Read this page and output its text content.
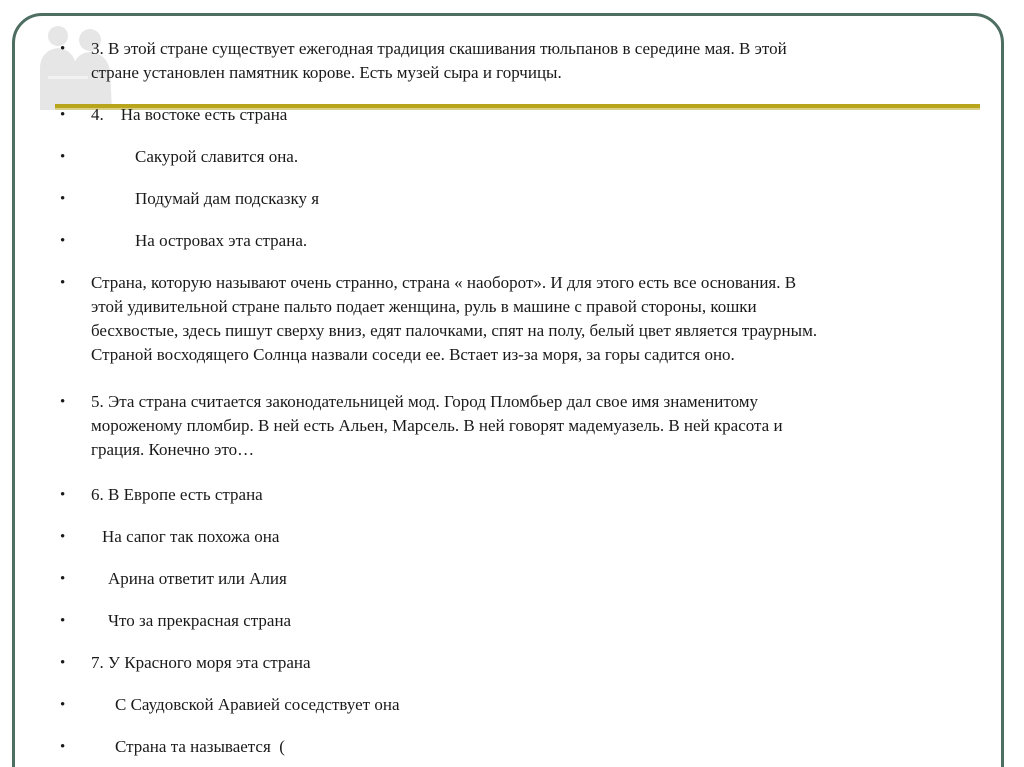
• 3. В этой стране существует ежегодная традиция скашивания тюльпанов в середине мая. В этой
стране установлен памятник корове. Есть музей сыра и горчицы.
• 4.    На востоке есть страна
•	Сакурой славится она.
•	Подумай дам подсказку я
•	На островах эта страна.
• Страна, которую называют очень странно, страна « наоборот». И для этого есть все основания. В
этой удивительной стране пальто подает женщина, руль в машине с правой стороны, кошки
бесхвостые, здесь пишут сверху вниз, едят палочками, спят на полу, белый цвет является траурным.
Страной восходящего Солнца назвали соседи ее. Встает из-за моря, за горы садится оно.
• 5. Эта страна считается законодательницей мод. Город Пломбьер дал свое имя знаменитому
мороженому пломбир. В ней есть Альен, Марсель. В ней говорят мадемуазель. В ней красота и
грация. Конечно это…
• 6. В Европе есть страна
• На сапог так похожа она
•	Арина ответит или Алия
•	Что за прекрасная страна
• 7. У Красного моря эта страна
•	С Саудовской Аравией соседствует она
•	Страна та называется  (
